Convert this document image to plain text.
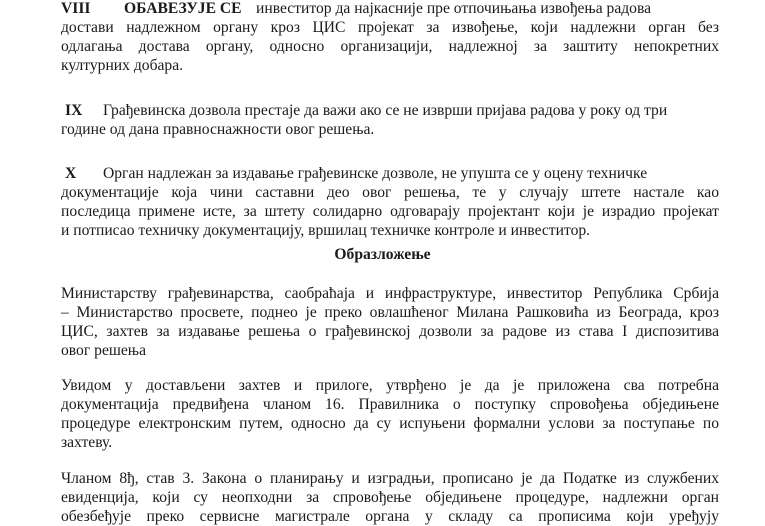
VIII ОБАВЕЗУЈЕ СЕ инвеститор да најкасније пре отпочињања извођења радова
достави надлежном органу кроз ЦИС пројекат за извођење, који надлежни орган без
одлагања достава органу, односно организацији, надлежној за заштиту непокретних
културних добара.
IX Грађевинска дозвола престаје да важи ако се не изврши пријава радова у року од три
године од дана правноснажности овог решења.
X Орган надлежан за издавање грађевинске дозволе, не упушта се у оцену техничке
документације која чини саставни део овог решења, те у случају штете настале као
последица примене исте, за штету солидарно одговарају пројектант који је израдио пројекат
и потписао техничку документацију, вршилац техничке контроле и инвеститор.
Образложење
Министарству грађевинарства, саобраћаја и инфраструктуре, инвеститор Република Србија
– Министарство просвете, поднео је преко овлашћеног Милана Рашковића из Београда, кроз
ЦИС, захтев за издавање решења о грађевинској дозволи за радове из става I диспозитива
овог решења
Увидом у достављени захтев и прилоге, утврђено је да је приложена сва потребна
документација предвиђена чланом 16. Правилника о поступку спровођења обједињене
процедуре електронским путем, односно да су испуњени формални услови за поступање по
захтеву.
Чланом 8ђ, став 3. Закона о планирању и изградњи, прописано је да Податке из службених
евиденција, који су неопходни за спровођење обједињене процедуре, надлежни орган
обезбеђује преко сервисне магистрале органа у складу са прописима који уређују
